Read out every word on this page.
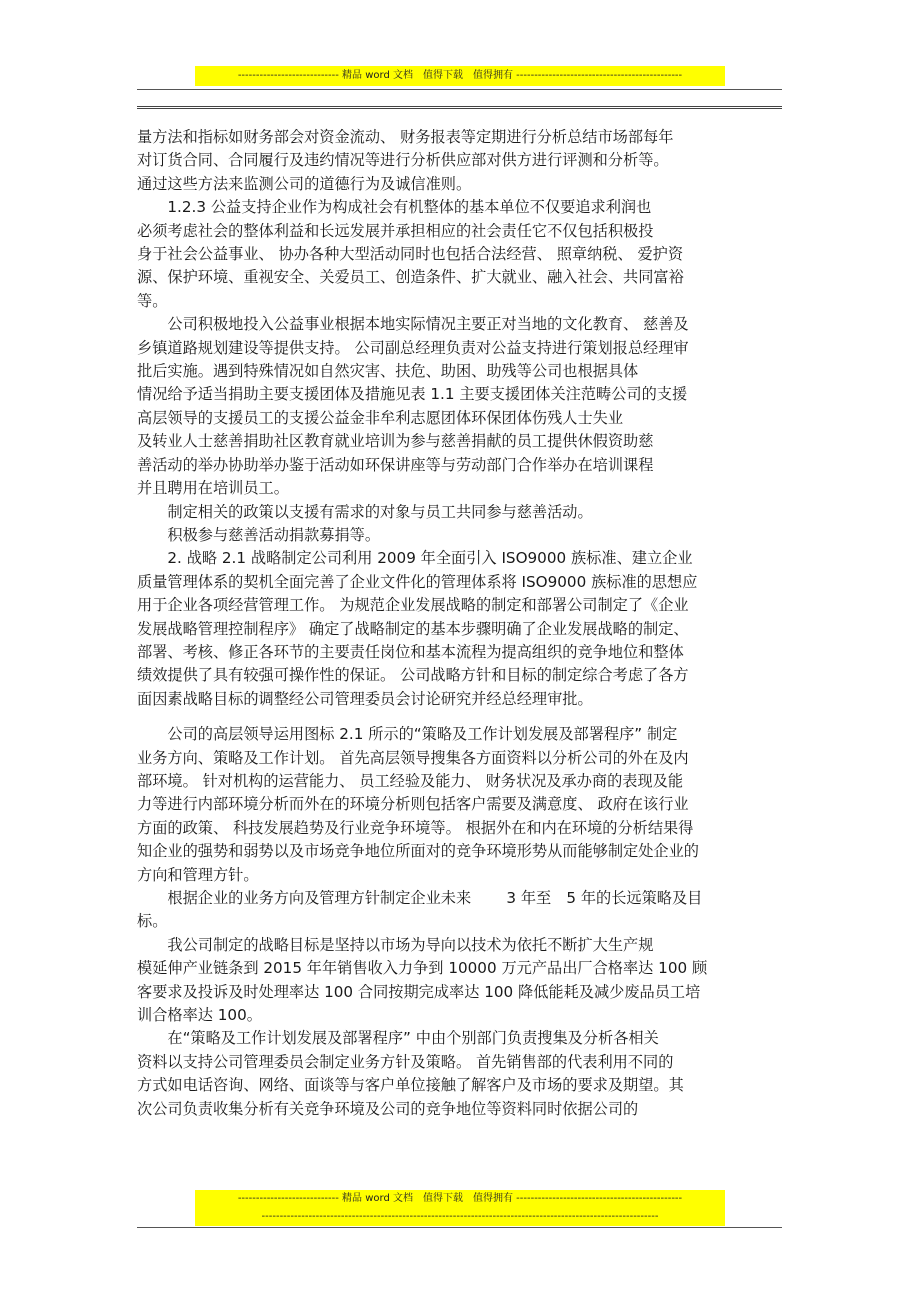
---------------------------- 精品 word 文档　值得下载　值得拥有 ----------------------------------------------

量方法和指标如财务部会对资金流动、 财务报表等定期进行分析总结市场部每年

对订货合同、合同履行及违约情况等进行分析供应部对供方进行评测和分析等。

通过这些方法来监测公司的道德行为及诚信准则。

　　1.2.3 公益支持企业作为构成社会有机整体的基本单位不仅要追求利润也

必须考虑社会的整体利益和长远发展并承担相应的社会责任它不仅包括积极投

身于社会公益事业、 协办各种大型活动同时也包括合法经营、 照章纳税、 爱护资

源、保护环境、重视安全、关爱员工、创造条件、扩大就业、融入社会、共同富裕

等。

　　公司积极地投入公益事业根据本地实际情况主要正对当地的文化教育、 慈善及

乡镇道路规划建设等提供支持。 公司副总经理负责对公益支持进行策划报总经理审

批后实施。遇到特殊情况如自然灾害、扶危、助困、助残等公司也根据具体

情况给予适当捐助主要支援团体及措施见表 1.1 主要支援团体关注范畴公司的支援

高层领导的支援员工的支援公益金非牟利志愿团体环保团体伤残人士失业

及转业人士慈善捐助社区教育就业培训为参与慈善捐献的员工提供休假资助慈

善活动的举办协助举办鉴于活动如环保讲座等与劳动部门合作举办在培训课程

并且聘用在培训员工。

　　制定相关的政策以支援有需求的对象与员工共同参与慈善活动。

　　积极参与慈善活动捐款募捐等。

　　2. 战略 2.1 战略制定公司利用 2009 年全面引入 ISO9000 族标准、建立企业

质量管理体系的契机全面完善了企业文件化的管理体系将 ISO9000 族标准的思想应

用于企业各项经营管理工作。 为规范企业发展战略的制定和部署公司制定了《企业

发展战略管理控制程序》 确定了战略制定的基本步骤明确了企业发展战略的制定、

部署、考核、修正各环节的主要责任岗位和基本流程为提高组织的竞争地位和整体

绩效提供了具有较强可操作性的保证。 公司战略方针和目标的制定综合考虑了各方

面因素战略目标的调整经公司管理委员会讨论研究并经总经理审批。

　　公司的高层领导运用图标 2.1 所示的“策略及工作计划发展及部署程序” 制定

业务方向、策略及工作计划。 首先高层领导搜集各方面资料以分析公司的外在及内

部环境。 针对机构的运营能力、 员工经验及能力、 财务状况及承办商的表现及能

力等进行内部环境分析而外在的环境分析则包括客户需要及满意度、 政府在该行业

方面的政策、 科技发展趋势及行业竞争环境等。 根据外在和内在环境的分析结果得

知企业的强势和弱势以及市场竞争地位所面对的竞争环境形势从而能够制定处企业的

方向和管理方针。

　　根据企业的业务方向及管理方针制定企业未来　　 3 年至　5 年的长远策略及目

标。

　　我公司制定的战略目标是坚持以市场为导向以技术为依托不断扩大生产规

模延伸产业链条到 2015 年年销售收入力争到 10000 万元产品出厂合格率达 100 顾

客要求及投诉及时处理率达 100 合同按期完成率达 100 降低能耗及减少废品员工培

训合格率达 100。

　　在“策略及工作计划发展及部署程序” 中由个别部门负责搜集及分析各相关

资料以支持公司管理委员会制定业务方针及策略。 首先销售部的代表利用不同的

方式如电话咨询、网络、面谈等与客户单位接触了解客户及市场的要求及期望。其

次公司负责收集分析有关竞争环境及公司的竞争地位等资料同时依据公司的

---------------------------- 精品 word 文档　值得下载　值得拥有 ----------------------------------------------
--------------------------------------------------------------------------------------------------------------
